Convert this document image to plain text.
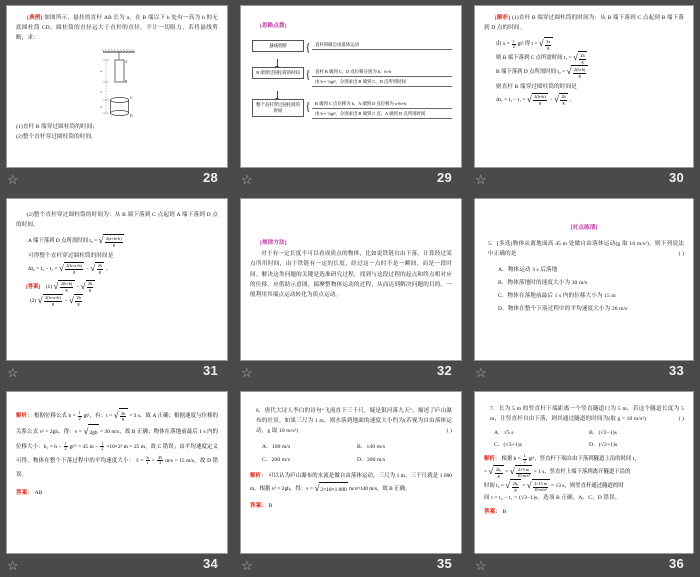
[典例] 如图所示，悬挂的直杆 AB 长为 a，在 B 端以下 h 处有一高为 b 的无底圆柱筒 CD，圆柱筒的直径远大于直杆的直径。不计一切阻力，若将悬线剪断，求：
A
B
C
D
a
h
b
(1)直杆 B 端穿过圆柱筒的时间；
(2)整个直杆穿过圆柱筒的时间。
☆	28
[思路点拨]
悬线剪断	{ 直杆将做自由落体运动
B 端穿过圆柱筒的时间 { 直杆 B 端到 C、D 点位移分别为 h、h+b
由 h = ½gt²，分别求出 B 端到 C、D 点所用时间
整个直杆穿过圆柱筒的时间	{ B 端到 C 点位移为 h，A 端到 D 点位移为 a+h+b
由 h = ½gt²，分别求出 B 端到 C 点、A 端到 D 点所用时间
☆	29
[解析] (1)直杆 B 端穿过圆柱筒的时间为：从 B 端下落到 C 点起到 B 端下落到 D 点的时间。
由 $x = \frac{1}{2} gt^2$ 得 t = √ $\frac{2x}{g}$
则 B 端下落到 C 点所需时间 t₁ = √ $\frac{2h}{g}$
B 端下落到 D 点所需时间 t₂ = √ $\frac{2(h+b)}{g}$
则直杆 B 端穿过圆柱筒的时间是
Δt₁ = t₂ − t₁ = √ $\frac{2(h+b)}{g}$ − √ $\frac{2h}{g}$ 。
☆	30
(2)整个直杆穿过圆柱筒的时间为：从 B 端下落到 C 点起到 A 端下落到 D 点的时间。
A 端下落到 D 点所需时间 t₃ = √ $\frac{2(a+h+b)}{g}$
可得整个直杆穿过圆柱筒的时间是
Δt₂ = t₃ − t₁ = √ $\frac{2(h+a+b)}{g}$ − √ $\frac{2h}{g}$ 。
[答案] (1) √ $\frac{2(h+b)}{g}$ − √ $\frac{2h}{g}$
(2) √ $\frac{2(h+a+b)}{g}$ − √ $\frac{2h}{g}$
☆	31
[规律方法]
对于有一定长度不可以看成质点的物体，比如说铁链自由下落，计算经过某点所用时间，由于铁链有一定的长度，经过这一点时不是一瞬间，而是一段时间。解决这类问题的关键是选准研究过程，找到与这段过程的起点和终点相对应的位移，应借助示意图，揣摩整物体运动的过程，从而达到解决问题的目的。一般利用其端点运动转化为质点运动。
☆	32
[对点练清]
5．[多选]物体从离地面高 45 m 处做自由落体运动(g 取 10 m/s²)，则下列说法中正确的是	( )
A．物体运动 3 s 后落地
B．物体落地时的速度大小为 30 m/s
C．物体在落地前最后 1 s 内的位移大小为 15 m
D．物体在整个下落过程中的平均速度大小为 20 m/s
☆	33
解析： 根据位移公式 $h = \frac{1}{2} gt^2$，有：t = √ $\frac{2h}{g} = 3$ s，故 A 正确；根据速度与位移的关系公式 v² = 2gh，得：v = √2gh = 30 m/s，故 B 正确；物体在落地前最后 1 s 内的位移大小：$h_1 = h - \frac{1}{2} gt'^2 = 45$ $m - \frac{1}{2} \times 10\times 2^2$ m = 25 m，故 C 错误；由平均速度定义可得，物体在整个下落过程中的平均速度大小： v̄ = $\frac{h}{t} = \frac{45}{3} m/s = 15$ m/s，故 D 错误。
答案： AB
☆	34
6．唐代大诗人李白的诗句“飞流直下三千尺，疑是银河落九天”，描述了庐山瀑布的壮景。如果三尺为 1 m，则水落到地面的速度大小约为(若视为自由落体运动，g 取 10 m/s²)	( )
A．100 m/s	B．140 m/s
C．200 m/s	D．300 m/s
解析： 可以认为庐山瀑布的水流是做自由落体运动，三尺为 1 m，三千尺就是 1 000 m。根据 v² = 2gh，得：v = √2×10×1 000 m/s≈140 m/s，故 B 正确。
答案： B
☆	35
7．长为 5 m 的竖直杆下端距离一个竖直隧道口为 5 m。若这个隧道长度为 5 m，让竖直杆自由下落，则其通过隧道的时间为(取 g = 10 m/s²)	( )
A．√5 s	B．(√3−1)s
C．(√3+1)s	D．(√2+1)s
解析： 根据 $h = \frac{1}{2} gt^2$，竖直杆下端自由下落到隧道上沿的时间 t₁
= √ $\frac{\text{2h₁}}{g}$ = √ $\frac{2\times 5 m}{\text{10 m/s²}} = 1$ s，竖直杆上端下落到离开隧道下沿的
时间 t₂ = √ $\frac{\text{2h₂}}{g}$ = √ $\frac{2\times 15 m}{\text{10 m/s²}} = √3$ s，则竖直杆通过隧道的时
间 t = t₂ − t₁ = (√3−1)s。选项 B 正确，A、C、D 错误。
答案： B
☆	36
